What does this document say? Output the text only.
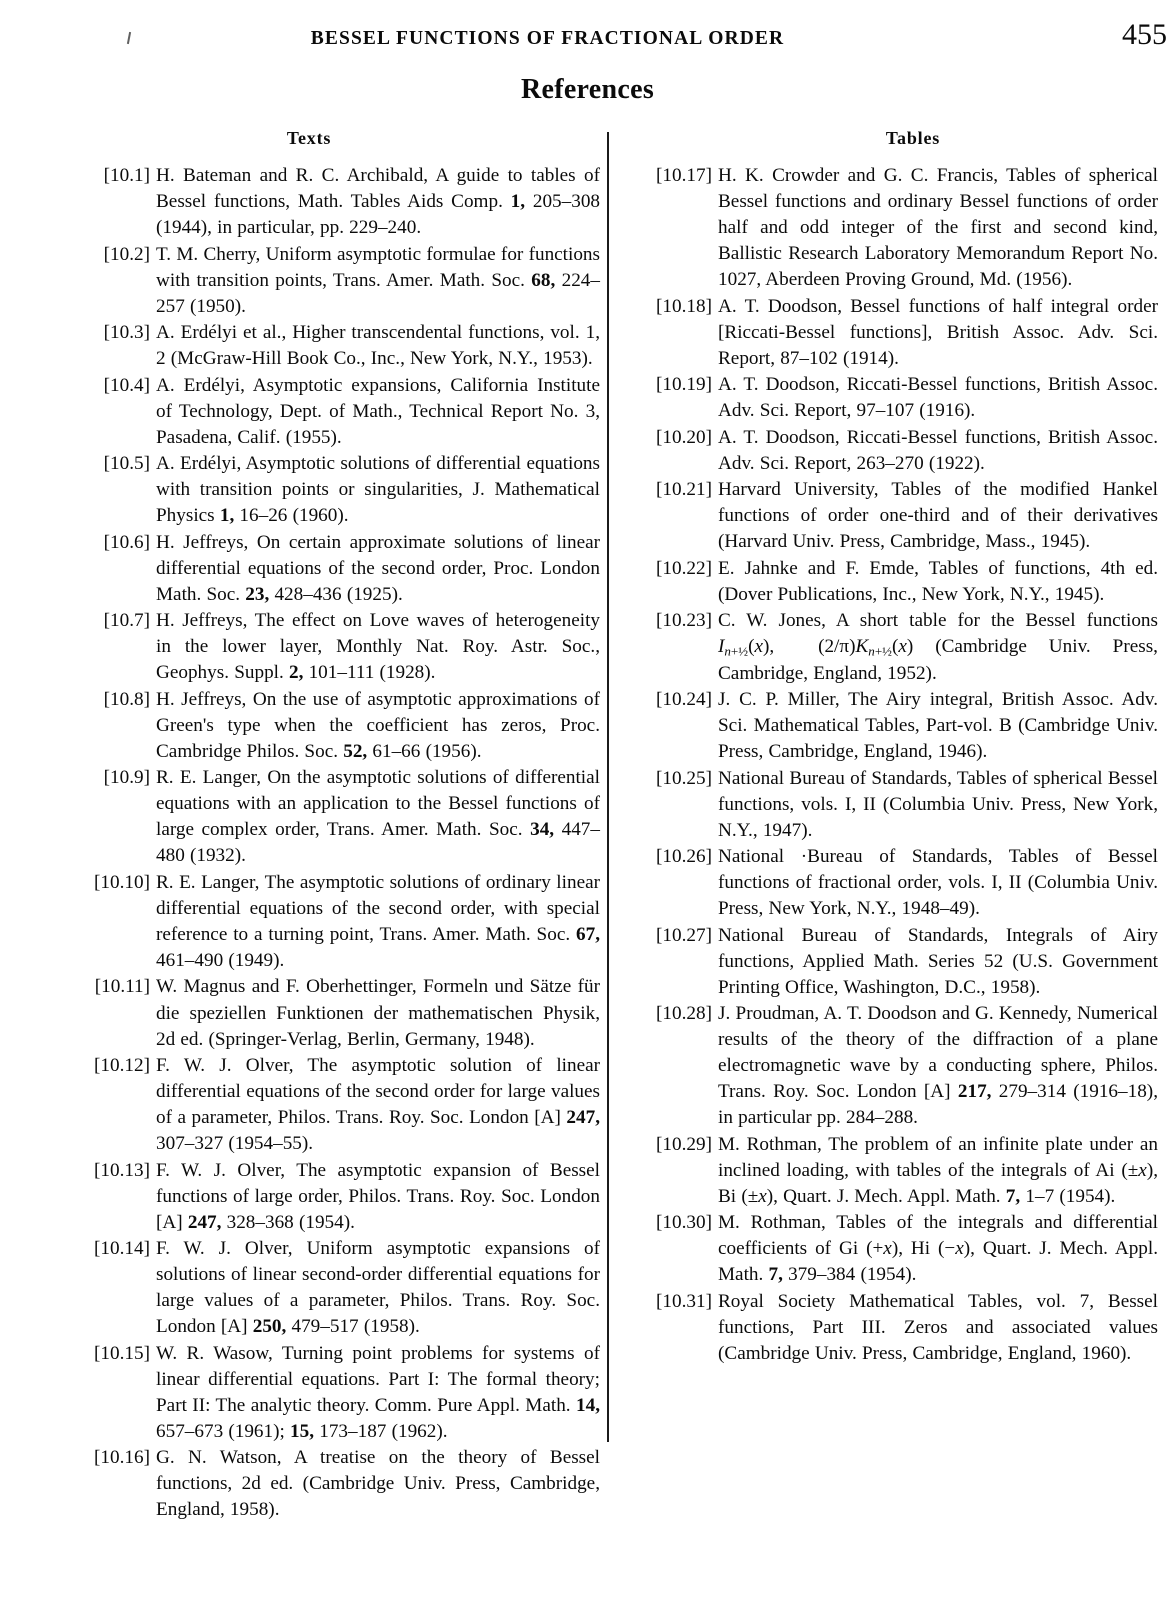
BESSEL FUNCTIONS OF FRACTIONAL ORDER	455
References
Texts
[10.1] H. Bateman and R. C. Archibald, A guide to tables of Bessel functions, Math. Tables Aids Comp. 1, 205–308 (1944), in particular, pp. 229–240.
[10.2] T. M. Cherry, Uniform asymptotic formulae for functions with transition points, Trans. Amer. Math. Soc. 68, 224–257 (1950).
[10.3] A. Erdélyi et al., Higher transcendental functions, vol. 1, 2 (McGraw-Hill Book Co., Inc., New York, N.Y., 1953).
[10.4] A. Erdélyi, Asymptotic expansions, California Institute of Technology, Dept. of Math., Technical Report No. 3, Pasadena, Calif. (1955).
[10.5] A. Erdélyi, Asymptotic solutions of differential equations with transition points or singularities, J. Mathematical Physics 1, 16–26 (1960).
[10.6] H. Jeffreys, On certain approximate solutions of linear differential equations of the second order, Proc. London Math. Soc. 23, 428–436 (1925).
[10.7] H. Jeffreys, The effect on Love waves of heterogeneity in the lower layer, Monthly Nat. Roy. Astr. Soc., Geophys. Suppl. 2, 101–111 (1928).
[10.8] H. Jeffreys, On the use of asymptotic approximations of Green's type when the coefficient has zeros, Proc. Cambridge Philos. Soc. 52, 61–66 (1956).
[10.9] R. E. Langer, On the asymptotic solutions of differential equations with an application to the Bessel functions of large complex order, Trans. Amer. Math. Soc. 34, 447–480 (1932).
[10.10] R. E. Langer, The asymptotic solutions of ordinary linear differential equations of the second order, with special reference to a turning point, Trans. Amer. Math. Soc. 67, 461–490 (1949).
[10.11] W. Magnus and F. Oberhettinger, Formeln und Sätze für die speziellen Funktionen der mathematischen Physik, 2d ed. (Springer-Verlag, Berlin, Germany, 1948).
[10.12] F. W. J. Olver, The asymptotic solution of linear differential equations of the second order for large values of a parameter, Philos. Trans. Roy. Soc. London [A] 247, 307–327 (1954–55).
[10.13] F. W. J. Olver, The asymptotic expansion of Bessel functions of large order, Philos. Trans. Roy. Soc. London [A] 247, 328–368 (1954).
[10.14] F. W. J. Olver, Uniform asymptotic expansions of solutions of linear second-order differential equations for large values of a parameter, Philos. Trans. Roy. Soc. London [A] 250, 479–517 (1958).
[10.15] W. R. Wasow, Turning point problems for systems of linear differential equations. Part I: The formal theory; Part II: The analytic theory. Comm. Pure Appl. Math. 14, 657–673 (1961); 15, 173–187 (1962).
[10.16] G. N. Watson, A treatise on the theory of Bessel functions, 2d ed. (Cambridge Univ. Press, Cambridge, England, 1958).
Tables
[10.17] H. K. Crowder and G. C. Francis, Tables of spherical Bessel functions and ordinary Bessel functions of order half and odd integer of the first and second kind, Ballistic Research Laboratory Memorandum Report No. 1027, Aberdeen Proving Ground, Md. (1956).
[10.18] A. T. Doodson, Bessel functions of half integral order [Riccati-Bessel functions], British Assoc. Adv. Sci. Report, 87–102 (1914).
[10.19] A. T. Doodson, Riccati-Bessel functions, British Assoc. Adv. Sci. Report, 97–107 (1916).
[10.20] A. T. Doodson, Riccati-Bessel functions, British Assoc. Adv. Sci. Report, 263–270 (1922).
[10.21] Harvard University, Tables of the modified Hankel functions of order one-third and of their derivatives (Harvard Univ. Press, Cambridge, Mass., 1945).
[10.22] E. Jahnke and F. Emde, Tables of functions, 4th ed. (Dover Publications, Inc., New York, N.Y., 1945).
[10.23] C. W. Jones, A short table for the Bessel functions $I_{n+\frac{1}{2}}(x)$,  $(2/\pi)K_{n+\frac{1}{2}}(x)$ (Cambridge Univ. Press, Cambridge, England, 1952).
[10.24] J. C. P. Miller, The Airy integral, British Assoc. Adv. Sci. Mathematical Tables, Part-vol. B (Cambridge Univ. Press, Cambridge, England, 1946).
[10.25] National Bureau of Standards, Tables of spherical Bessel functions, vols. I, II (Columbia Univ. Press, New York, N.Y., 1947).
[10.26] National ·Bureau of Standards, Tables of Bessel functions of fractional order, vols. I, II (Columbia Univ. Press, New York, N.Y., 1948–49).
[10.27] National Bureau of Standards, Integrals of Airy functions, Applied Math. Series 52 (U.S. Government Printing Office, Washington, D.C., 1958).
[10.28] J. Proudman, A. T. Doodson and G. Kennedy, Numerical results of the theory of the diffraction of a plane electromagnetic wave by a conducting sphere, Philos. Trans. Roy. Soc. London [A] 217, 279–314 (1916–18), in particular pp. 284–288.
[10.29] M. Rothman, The problem of an infinite plate under an inclined loading, with tables of the integrals of Ai (±x), Bi (±x), Quart. J. Mech. Appl. Math. 7, 1–7 (1954).
[10.30] M. Rothman, Tables of the integrals and differential coefficients of Gi (+x), Hi (−x), Quart. J. Mech. Appl. Math. 7, 379–384 (1954).
[10.31] Royal Society Mathematical Tables, vol. 7, Bessel functions, Part III. Zeros and associated values (Cambridge Univ. Press, Cambridge, England, 1960).
